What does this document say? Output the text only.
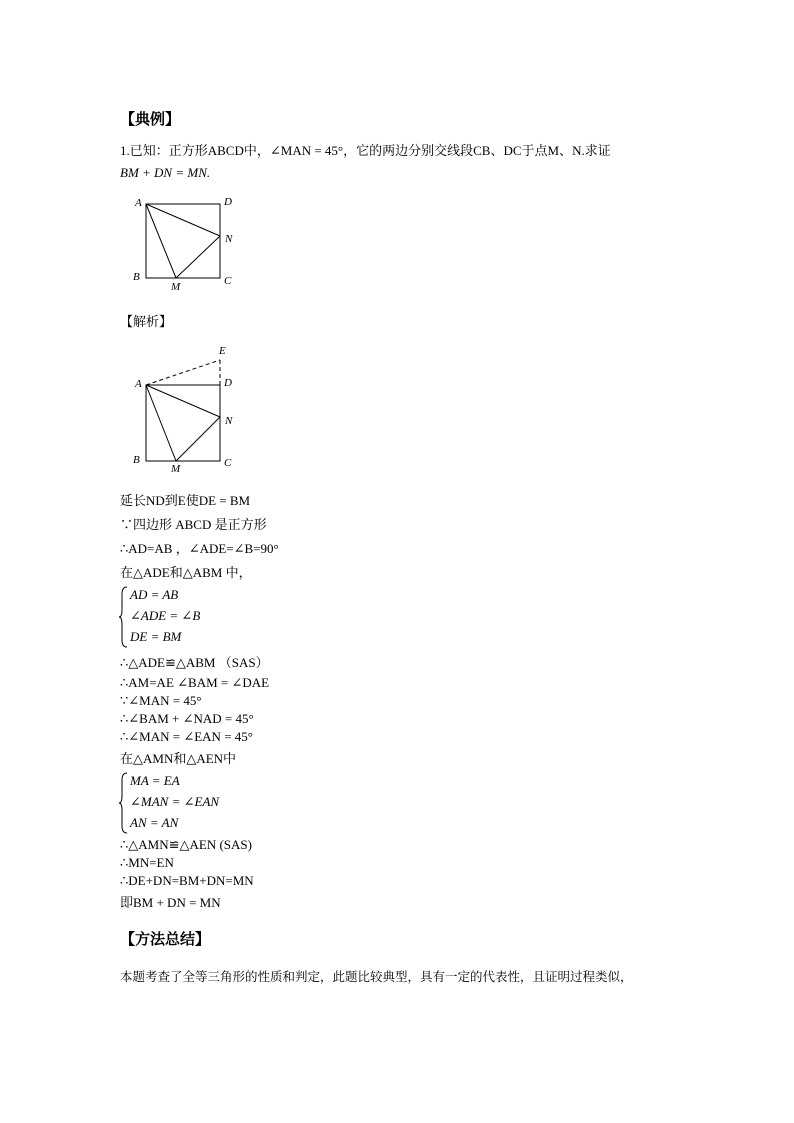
【典例】
1.已知：正方形ABCD中，∠MAN = 45°，它的两边分别交线段CB、DC于点M、N.求证
BM + DN = MN.
A	D
N
B	C
M
【解析】
E
A	D
N
B	C
M
延长ND到E使DE = BM
∵四边形 ABCD 是正方形
∴AD=AB ，∠ADE=∠B=90°
在△ADE和△ABM 中，
AD = AB
∠ADE = ∠B
DE = BM
∴△ADE≌△ABM （SAS）
∴AM=AE ∠BAM = ∠DAE
∵∠MAN = 45°
∴∠BAM + ∠NAD = 45°
∴∠MAN = ∠EAN = 45°
在△AMN和△AEN中
MA = EA
∠MAN = ∠EAN
AN = AN
∴△AMN≌△AEN (SAS)
∴MN=EN
∴DE+DN=BM+DN=MN
即BM + DN = MN
【方法总结】
本题考查了全等三角形的性质和判定，此题比较典型，具有一定的代表性，且证明过程类似，
